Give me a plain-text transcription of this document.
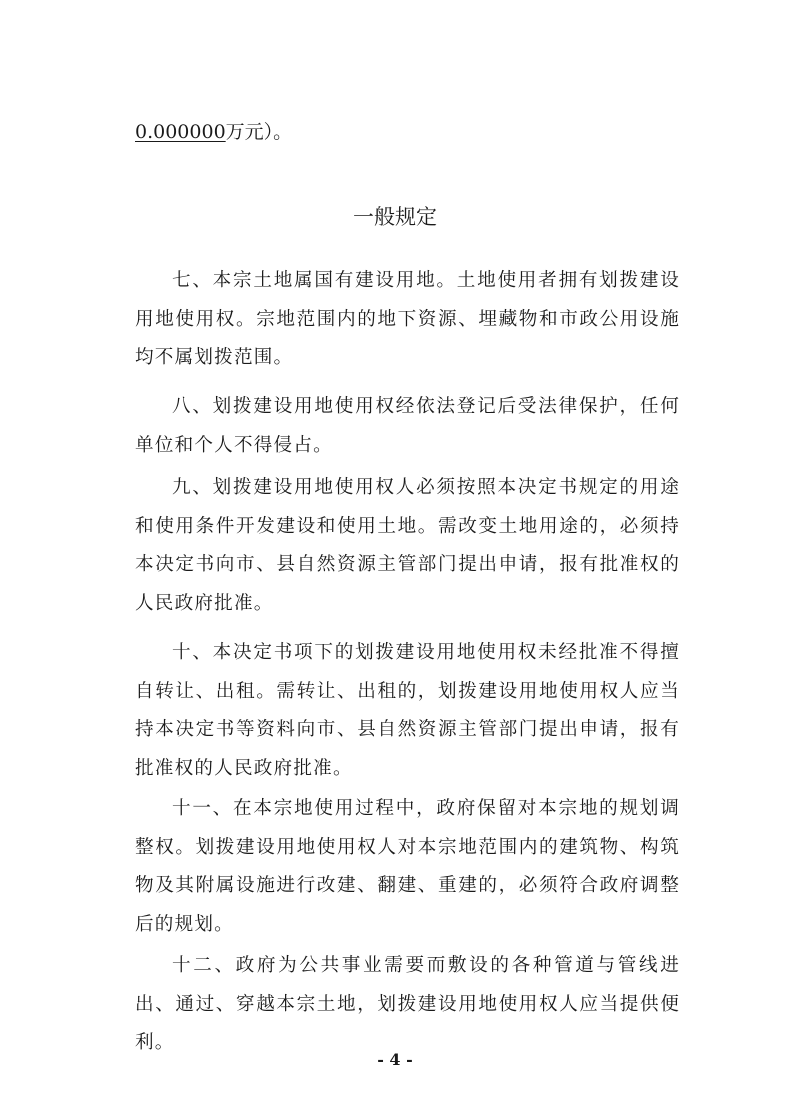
0.000000万元）。
一般规定

七、本宗土地属国有建设用地。土地使用者拥有划拨建设用地使用权。宗地范围内的地下资源、埋藏物和市政公用设施均不属划拨范围。

八、划拨建设用地使用权经依法登记后受法律保护，任何单位和个人不得侵占。

九、划拨建设用地使用权人必须按照本决定书规定的用途和使用条件开发建设和使用土地。需改变土地用途的，必须持本决定书向市、县自然资源主管部门提出申请，报有批准权的人民政府批准。

十、本决定书项下的划拨建设用地使用权未经批准不得擅自转让、出租。需转让、出租的，划拨建设用地使用权人应当持本决定书等资料向市、县自然资源主管部门提出申请，报有批准权的人民政府批准。

十一、在本宗地使用过程中，政府保留对本宗地的规划调整权。划拨建设用地使用权人对本宗地范围内的建筑物、构筑物及其附属设施进行改建、翻建、重建的，必须符合政府调整后的规划。

十二、政府为公共事业需要而敷设的各种管道与管线进出、通过、穿越本宗土地，划拨建设用地使用权人应当提供便利。

- 4 -
